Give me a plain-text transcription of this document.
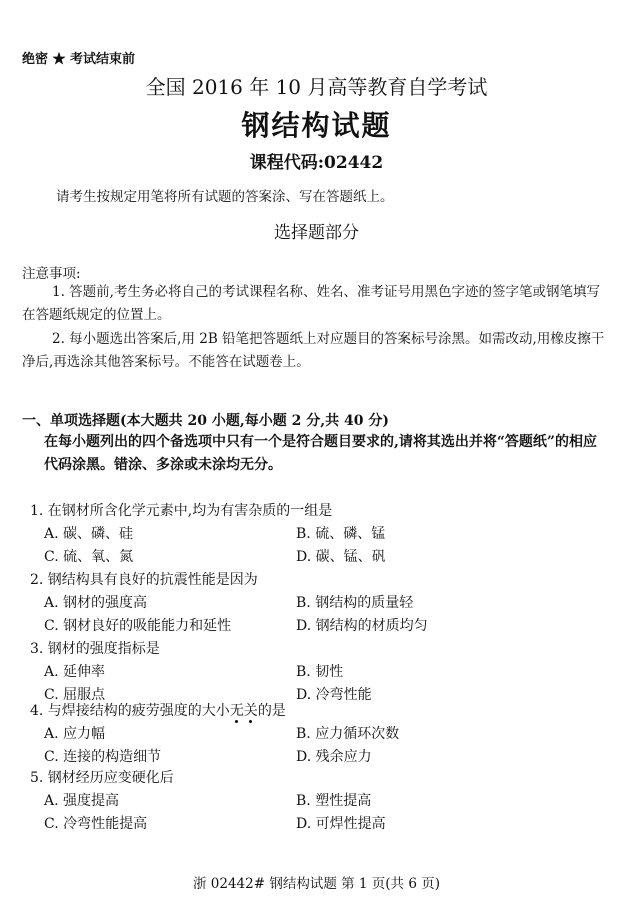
绝密 ★ 考试结束前
全国 2016 年 10 月高等教育自学考试
钢结构试题
课程代码:02442
请考生按规定用笔将所有试题的答案涂、写在答题纸上。
选择题部分
注意事项:
1. 答题前,考生务必将自己的考试课程名称、姓名、准考证号用黑色字迹的签字笔或钢笔填写在答题纸规定的位置上。
2. 每小题选出答案后,用 2B 铅笔把答题纸上对应题目的答案标号涂黑。如需改动,用橡皮擦干净后,再选涂其他答案标号。不能答在试题卷上。
一、单项选择题(本大题共 20 小题,每小题 2 分,共 40 分)
在每小题列出的四个备选项中只有一个是符合题目要求的,请将其选出并将“答题纸”的相应代码涂黑。错涂、多涂或未涂均无分。
1. 在钢材所含化学元素中,均为有害杂质的一组是
A. 碳、磷、硅	B. 硫、磷、锰
C. 硫、氧、氮	D. 碳、锰、矾
2. 钢结构具有良好的抗震性能是因为
A. 钢材的强度高	B. 钢结构的质量轻
C. 钢材良好的吸能能力和延性	D. 钢结构的材质均匀
3. 钢材的强度指标是
A. 延伸率	B. 韧性
C. 屈服点	D. 冷弯性能
4. 与焊接结构的疲劳强度的大小无关
的是
A. 应力幅	B. 应力循环次数
C. 连接的构造细节	D. 残余应力
5. 钢材经历应变硬化后
A. 强度提高	B. 塑性提高
C. 冷弯性能提高	D. 可焊性提高
浙 02442# 钢结构试题 第 1 页(共 6 页)
